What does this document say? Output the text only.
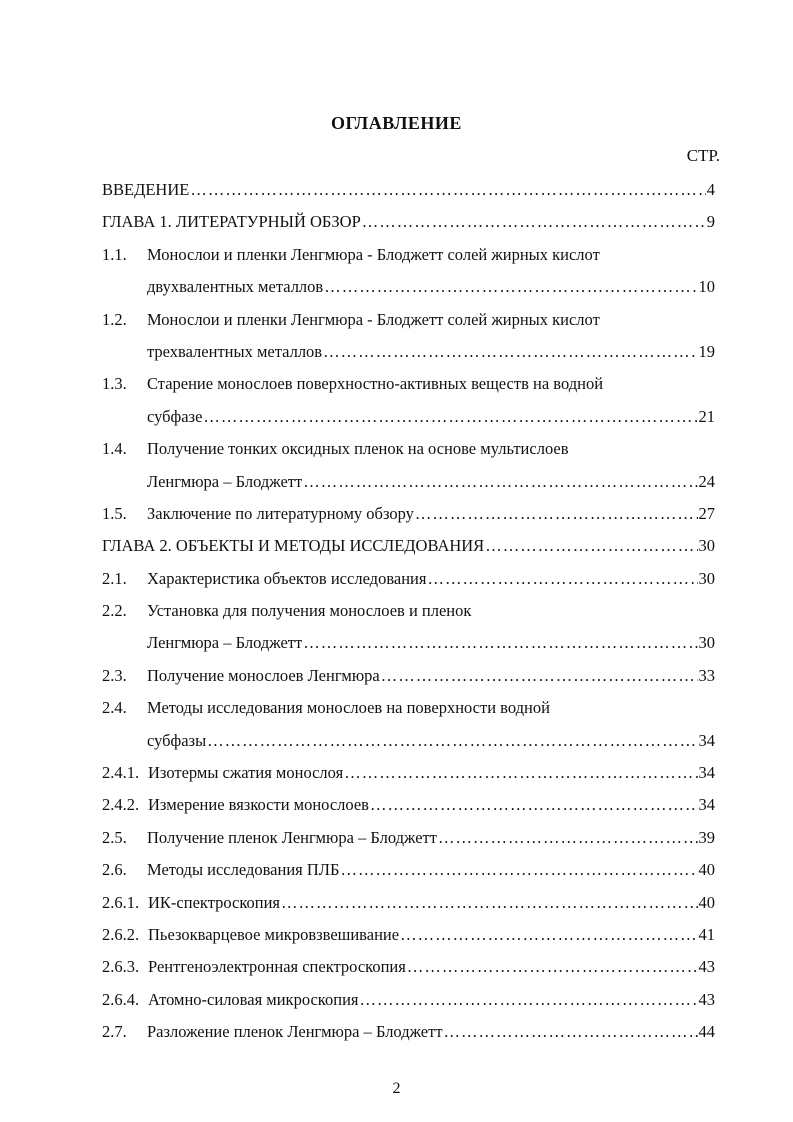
ОГЛАВЛЕНИЕ
СТР.
ВВЕДЕНИЕ ………………………………………………………………………………………………………………………………………………………………	4
ГЛАВА 1. ЛИТЕРАТУРНЫЙ ОБЗОР ………………………………………………………………………………………………………………………………………………………………	9
1.1.	Монослои и пленки Ленгмюра - Блоджетт солей жирных кислот
двухвалентных металлов ………………………………………………………………………………………………………………………………………………………………	10
1.2.	Монослои и пленки Ленгмюра - Блоджетт солей жирных кислот
трехвалентных металлов ………………………………………………………………………………………………………………………………………………………………	19
1.3.	Старение монослоев поверхностно-активных веществ на водной
субфазе ………………………………………………………………………………………………………………………………………………………………	21
1.4.	Получение тонких оксидных пленок на основе мультислоев
Ленгмюра – Блоджетт ………………………………………………………………………………………………………………………………………………………………	24
1.5.	Заключение по литературному обзору ………………………………………………………………………………………………………………………………………………………………	27
ГЛАВА 2. ОБЪЕКТЫ И МЕТОДЫ ИССЛЕДОВАНИЯ ………………………………………………………………………………………………………………………………………………………………	30
2.1.	Характеристика объектов исследования ………………………………………………………………………………………………………………………………………………………………	30
2.2.	Установка для получения монослоев и пленок
Ленгмюра – Блоджетт ………………………………………………………………………………………………………………………………………………………………	30
2.3.	Получение монослоев Ленгмюра ………………………………………………………………………………………………………………………………………………………………	33
2.4.	Методы исследования монослоев на поверхности водной
субфазы ………………………………………………………………………………………………………………………………………………………………	34
2.4.1. Изотермы сжатия монослоя ………………………………………………………………………………………………………………………………………………………………	34
2.4.2. Измерение вязкости монослоев ………………………………………………………………………………………………………………………………………………………………	34
2.5.	Получение пленок Ленгмюра – Блоджетт ………………………………………………………………………………………………………………………………………………………………	39
2.6.	Методы исследования ПЛБ ………………………………………………………………………………………………………………………………………………………………	40
2.6.1. ИК-спектроскопия ………………………………………………………………………………………………………………………………………………………………	40
2.6.2. Пьезокварцевое микровзвешивание ………………………………………………………………………………………………………………………………………………………………	41
2.6.3. Рентгеноэлектронная спектроскопия ………………………………………………………………………………………………………………………………………………………………	43
2.6.4. Атомно-силовая микроскопия ………………………………………………………………………………………………………………………………………………………………	43
2.7.	Разложение пленок Ленгмюра – Блоджетт ………………………………………………………………………………………………………………………………………………………………	44
2
